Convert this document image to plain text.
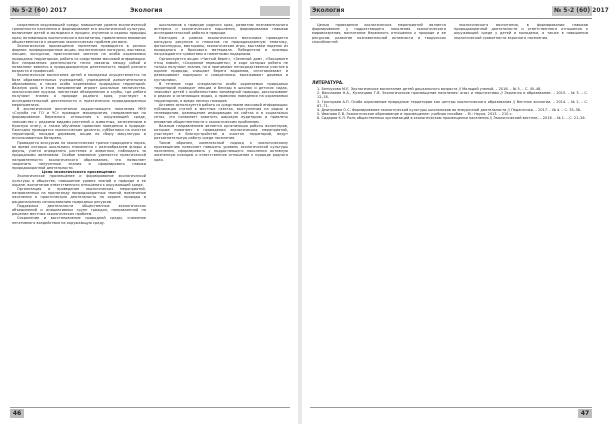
№ 5-2 (60) 2017	Экология

сохранения окружающей среды; повышение уровня экологической грамотности населения и формирование его экологической культуры, включение детей и молодежи в процесс изучения и охраны природы края; активизация экологического воспитания, привлечения внимания общественности к решению экологических проблем региона.

Экологическое просвещение населения проводится в разных формах: природоохранные акции, экологические конкурсы, выставки, лекции, экскурсии, практические занятия на особо охраняемых природных территориях, работа со средствами массовой информации. Все направления деятельности тесно связаны между собой и позволяют вовлечь в природоохранную деятельность людей разного возраста и профессий.

Экологическое воспитание детей и молодежи осуществляется на базе образовательных учреждений, учреждений дополнительного образования, а также особо охраняемых природных территорий. Важную роль в этом направлении играют школьные лесничества, экологические кружки, юннатские объединения и клубы, где ребята получают знания о природе родного края, участвуют в исследовательской деятельности и практических природоохранных мероприятиях.

В экологическом воспитании подрастающего поколения МКУ «Служба по ГО и ЧС» проводит мероприятия, направленные на формирование бережного отношения к окружающей среде, знакомство с редкими видами растений и животных, занесенными в Красную книгу, а также обучению правилам поведения в природе. Ежегодно проводятся экологические десанты, субботники по очистке территорий, посадке деревьев, акции по сбору макулатуры и использованных батареек.

Проводятся экскурсии на экологических тропах природного парка, во время которых школьники знакомятся с разнообразием флоры и фауны, учатся определять растения и животных, наблюдать за природными явлениями. Особое внимание уделяется практической направленности экологического образования, что позволяет закрепить полученные знания и сформировать навыки природоохранной деятельности.

Цели экологического просвещения:

Экологическое просвещение и формирование экологической культуры в обществе, повышение уровня знаний о природе и ее охране, воспитание ответственного отношения к окружающей среде.

Организация и проведение экологических мероприятий, направленных на пропаганду природоохранных знаний, вовлечение населения в практическую деятельность по охране природы и рациональному использованию природных ресурсов.

Поддержка деятельности общественных экологических объединений и инициативных групп граждан, направленной на решение местных экологических проблем.

Сохранение и восстановление природной среды, снижение негативного воздействия на окружающую среду.

школьников о природе родного края, развитию познавательного интереса и экологического мышления, формированию навыков исследовательской работы в природе.

Ежегодно в рамках экологического месячника проводятся конкурсы рисунков и плакатов на природоохранную тематику, фотоконкурсы, викторины, экологические игры, выставки поделок из природного и бросового материала. Победители и призеры награждаются грамотами и памятными подарками.

Организуются акции «Чистый берег», «Зеленый дом», «Покормите птиц зимой», «Сохраним первоцветы», в ходе которых ребята не только получают знания, но и принимают непосредственное участие в охране природы, очищают берега водоемов, изготавливают и развешивают кормушки и скворечники, высаживают деревья и кустарники.

В течение года специалисты особо охраняемых природных территорий проводят лекции и беседы в школах и детских садах, знакомят детей с особенностями заповедной природы, рассказывают о редких и исчезающих видах, о правилах поведения на охраняемых территориях, о вреде лесных пожаров.

Активно используется работа со средствами массовой информации: публикация статей в местных газетах, выступления на радио и телевидении, размещение информации на сайтах и в социальных сетях, что позволяет охватить широкую аудиторию и привлечь внимание общественности к экологическим проблемам.

Важным направлением является организация работы волонтеров, которые помогают в проведении экологических мероприятий, участвуют в благоустройстве и очистке территорий, ведут разъяснительную работу среди населения.

Таким образом, комплексный подход к экологическому просвещению позволяет повысить уровень экологической культуры населения, сформировать у подрастающего поколения активную жизненную позицию и ответственное отношение к природе родного края.

46
Экология	№ 5-2 (60) 2017

Целью проведения экологических мероприятий является формирование у подрастающего поколения экологического мировоззрения, воспитание бережного отношения к природе и ее ресурсам, развитие познавательной активности и творческих способностей.

экологического воспитания, в формировании навыков природоохранной деятельности и ответственного отношения к окружающей среде у детей и молодежи, а также в повышении экологической грамотности взрослого населения.

ЛИТЕРАТУРА.

1. Белоусова М.Е. Экологическое воспитание детей дошкольного возраста // Молодой ученый. – 2016. – № 5. – С. 45–48.

2. Васильева Н.А., Кузнецова Т.В. Экологическое просвещение населения: опыт и перспективы // Экология и образование. – 2015. – № 3. – С. 12–18.

3. Григорьев А.П. Особо охраняемые природные территории как центры экологического образования // Вестник экологии. – 2014. – № 2. – С. 67–71.

4. Дмитриева О.С. Формирование экологической культуры школьников во внеурочной деятельности // Педагогика. – 2017. – № 4. – С. 33–38.

5. Иванова Е.В. Экологическое образование и просвещение: учебное пособие. – М.: Наука, 2013. – 210 с.

6. Сидоров К.Л. Роль общественных организаций в экологическом просвещении населения // Экологический вестник. – 2016. – № 1. – С. 21–26.

47
